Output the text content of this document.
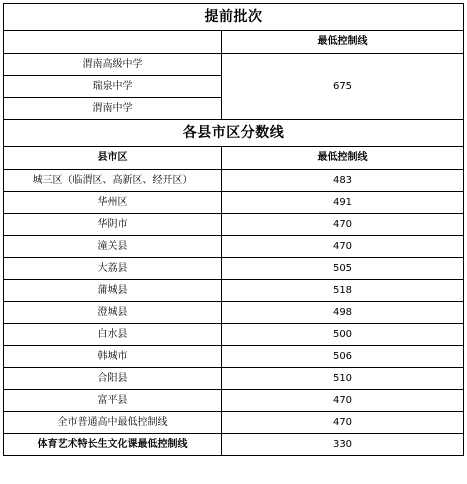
提前批次	
	最低控制线
渭南高级中学	675
瑞泉中学	
渭南中学	
各县市区分数线	
县市区	最低控制线
城三区（临渭区、高新区、经开区）	483
华州区	491
华阴市	470
潼关县	470
大荔县	505
蒲城县	518
澄城县	498
白水县	500
韩城市	506
合阳县	510
富平县	470
全市普通高中最低控制线	470
体育艺术特长生文化课最低控制线	330
